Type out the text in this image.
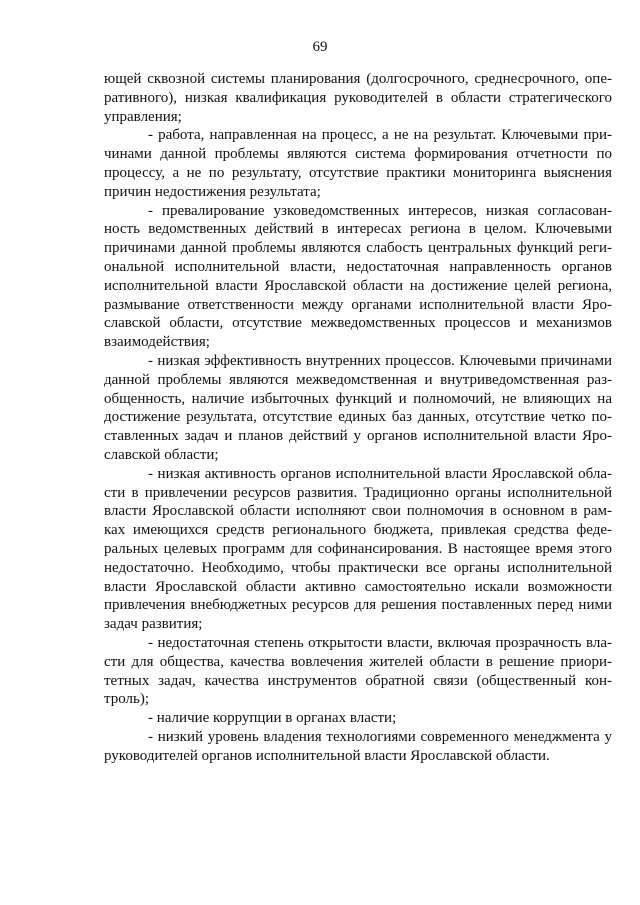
69
ющей сквозной системы планирования (долгосрочного, среднесрочного, опе-
ративного), низкая квалификация руководителей в области стратегического
управления;
- работа, направленная на процесс, а не на результат. Ключевыми при-
чинами данной проблемы являются система формирования отчетности по
процессу, а не по результату, отсутствие практики мониторинга выяснения
причин недостижения результата;
- превалирование узковедомственных интересов, низкая согласован-
ность ведомственных действий в интересах региона в целом. Ключевыми
причинами данной проблемы являются слабость центральных функций реги-
ональной исполнительной власти, недостаточная направленность органов
исполнительной власти Ярославской области на достижение целей региона,
размывание ответственности между органами исполнительной власти Яро-
славской области, отсутствие межведомственных процессов и механизмов
взаимодействия;
- низкая эффективность внутренних процессов. Ключевыми причинами
данной проблемы являются межведомственная и внутриведомственная раз-
общенность, наличие избыточных функций и полномочий, не влияющих на
достижение результата, отсутствие единых баз данных, отсутствие четко по-
ставленных задач и планов действий у органов исполнительной власти Яро-
славской области;
- низкая активность органов исполнительной власти Ярославской обла-
сти в привлечении ресурсов развития. Традиционно органы исполнительной
власти Ярославской области исполняют свои полномочия в основном в рам-
ках имеющихся средств регионального бюджета, привлекая средства феде-
ральных целевых программ для софинансирования. В настоящее время этого
недостаточно. Необходимо, чтобы практически все органы исполнительной
власти Ярославской области активно самостоятельно искали возможности
привлечения внебюджетных ресурсов для решения поставленных перед ними
задач развития;
- недостаточная степень открытости власти, включая прозрачность вла-
сти для общества, качества вовлечения жителей области в решение приори-
тетных задач, качества инструментов обратной связи (общественный кон-
троль);
- наличие коррупции в органах власти;
- низкий уровень владения технологиями современного менеджмента у
руководителей органов исполнительной власти Ярославской области.
